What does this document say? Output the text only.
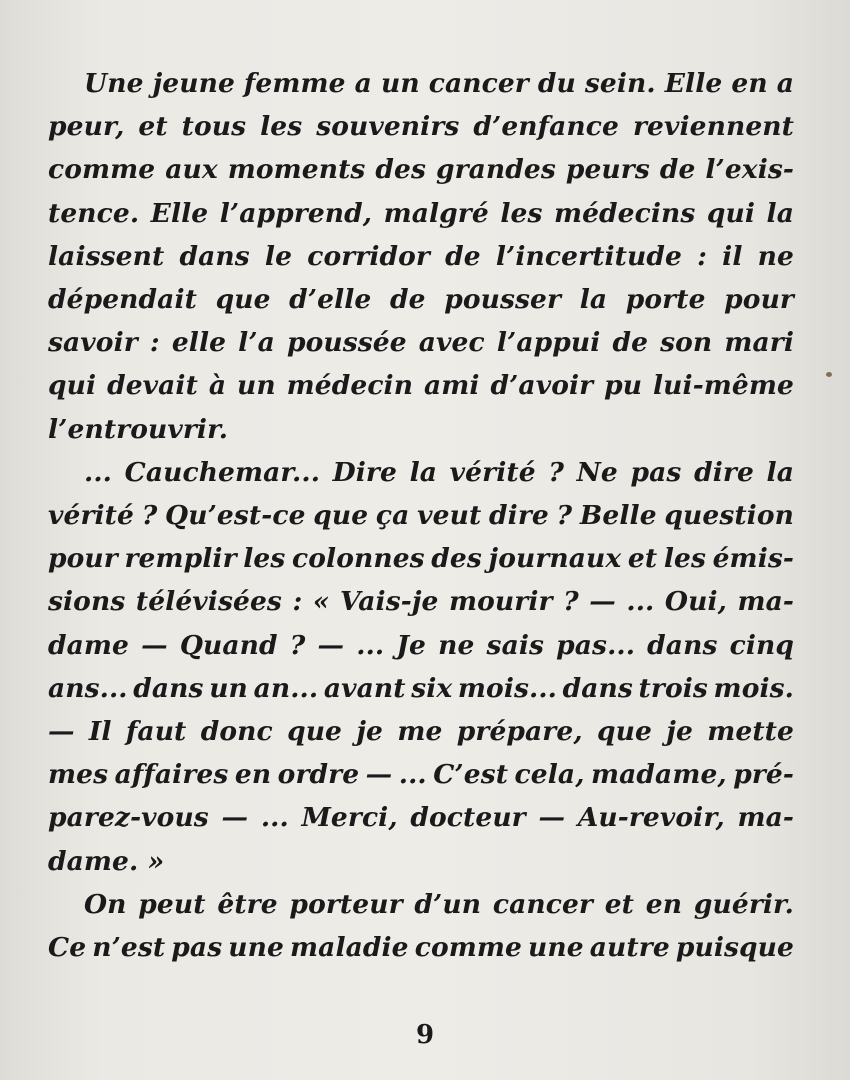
Une jeune femme a un cancer du sein. Elle en a
peur, et tous les souvenirs d’enfance reviennent
comme aux moments des grandes peurs de l’exis-
tence. Elle l’apprend, malgré les médecins qui la
laissent dans le corridor de l’incertitude : il ne
dépendait que d’elle de pousser la porte pour
savoir : elle l’a poussée avec l’appui de son mari
qui devait à un médecin ami d’avoir pu lui-même
l’entrouvrir.
... Cauchemar... Dire la vérité ? Ne pas dire la
vérité ? Qu’est-ce que ça veut dire ? Belle question
pour remplir les colonnes des journaux et les émis-
sions télévisées : « Vais-je mourir ? — ... Oui, ma-
dame — Quand ? — ... Je ne sais pas... dans cinq
ans... dans un an... avant six mois... dans trois mois.
— Il faut donc que je me prépare, que je mette
mes affaires en ordre — ... C’est cela, madame, pré-
parez-vous — ... Merci, docteur — Au-revoir, ma-
dame. »
On peut être porteur d’un cancer et en guérir.
Ce n’est pas une maladie comme une autre puisque
9
